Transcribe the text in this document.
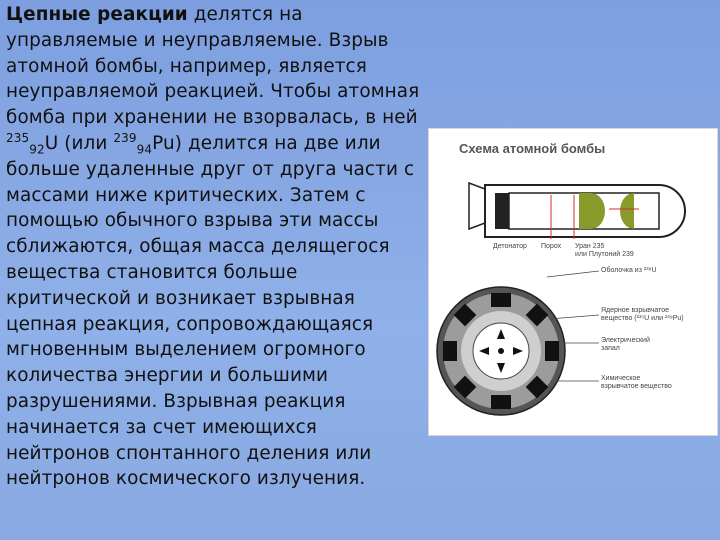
Цепные реакции делятся на управляемые и неуправляемые. Взрыв атомной бомбы, например, является неуправляемой реакцией. Чтобы атомная бомба при хранении не взорвалась, в ней $^{235}_{92}$U (или $^{239}_{94}$Pu) делится на две или больше удаленные друг от друга части с массами ниже критических. Затем с помощью обычного взрыва эти массы сближаются, общая масса делящегося вещества становится больше критической и возникает взрывная цепная реакция, сопровождающаяся мгновенным выделением огромного количества энергии и большими разрушениями. Взрывная реакция начинается за счет имеющихся нейтронов спонтанного деления или нейтронов космического излучения.
Схема атомной бомбы
Детонатор Порох Уран 235
или Плутоний 239
Оболочка из ²³⁸U
Ядерное взрывчатое
вещество (²³⁵U или ²³⁹Pu)
Электрический
запал
Химическое
взрывчатое вещество
